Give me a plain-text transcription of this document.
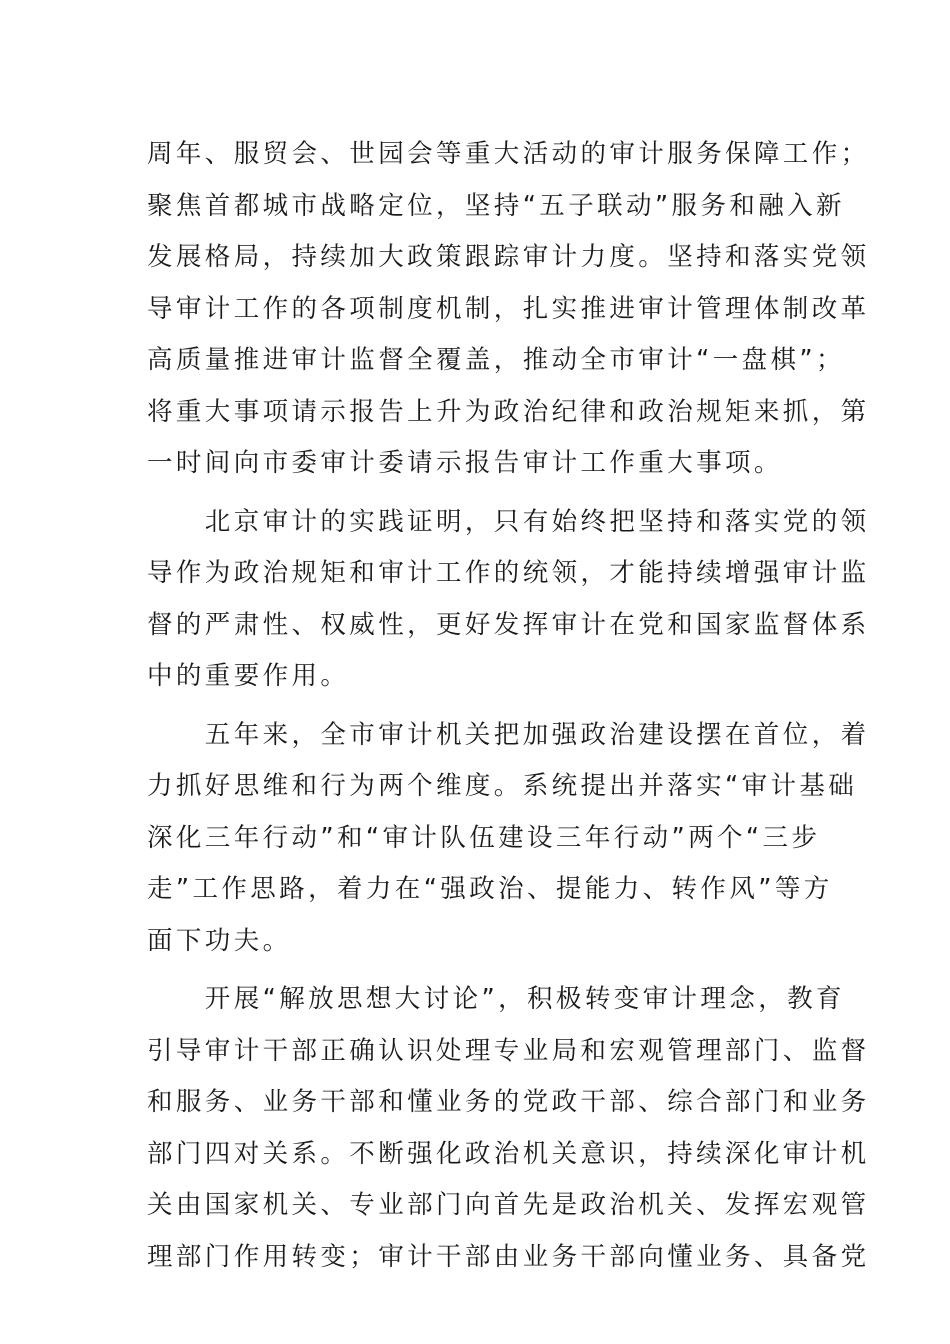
周年、服贸会、世园会等重大活动的审计服务保障工作；
聚焦首都城市战略定位，坚持“五子联动”服务和融入新
发展格局，持续加大政策跟踪审计力度。坚持和落实党领
导审计工作的各项制度机制，扎实推进审计管理体制改革
高质量推进审计监督全覆盖，推动全市审计“一盘棋”；
将重大事项请示报告上升为政治纪律和政治规矩来抓，第
一时间向市委审计委请示报告审计工作重大事项。
　　北京审计的实践证明，只有始终把坚持和落实党的领
导作为政治规矩和审计工作的统领，才能持续增强审计监
督的严肃性、权威性，更好发挥审计在党和国家监督体系
中的重要作用。
　　五年来，全市审计机关把加强政治建设摆在首位，着
力抓好思维和行为两个维度。系统提出并落实“审计基础
深化三年行动”和“审计队伍建设三年行动”两个“三步
走”工作思路，着力在“强政治、提能力、转作风”等方
面下功夫。
　　开展“解放思想大讨论”，积极转变审计理念，教育
引导审计干部正确认识处理专业局和宏观管理部门、监督
和服务、业务干部和懂业务的党政干部、综合部门和业务
部门四对关系。不断强化政治机关意识，持续深化审计机
关由国家机关、专业部门向首先是政治机关、发挥宏观管
理部门作用转变；审计干部由业务干部向懂业务、具备党
